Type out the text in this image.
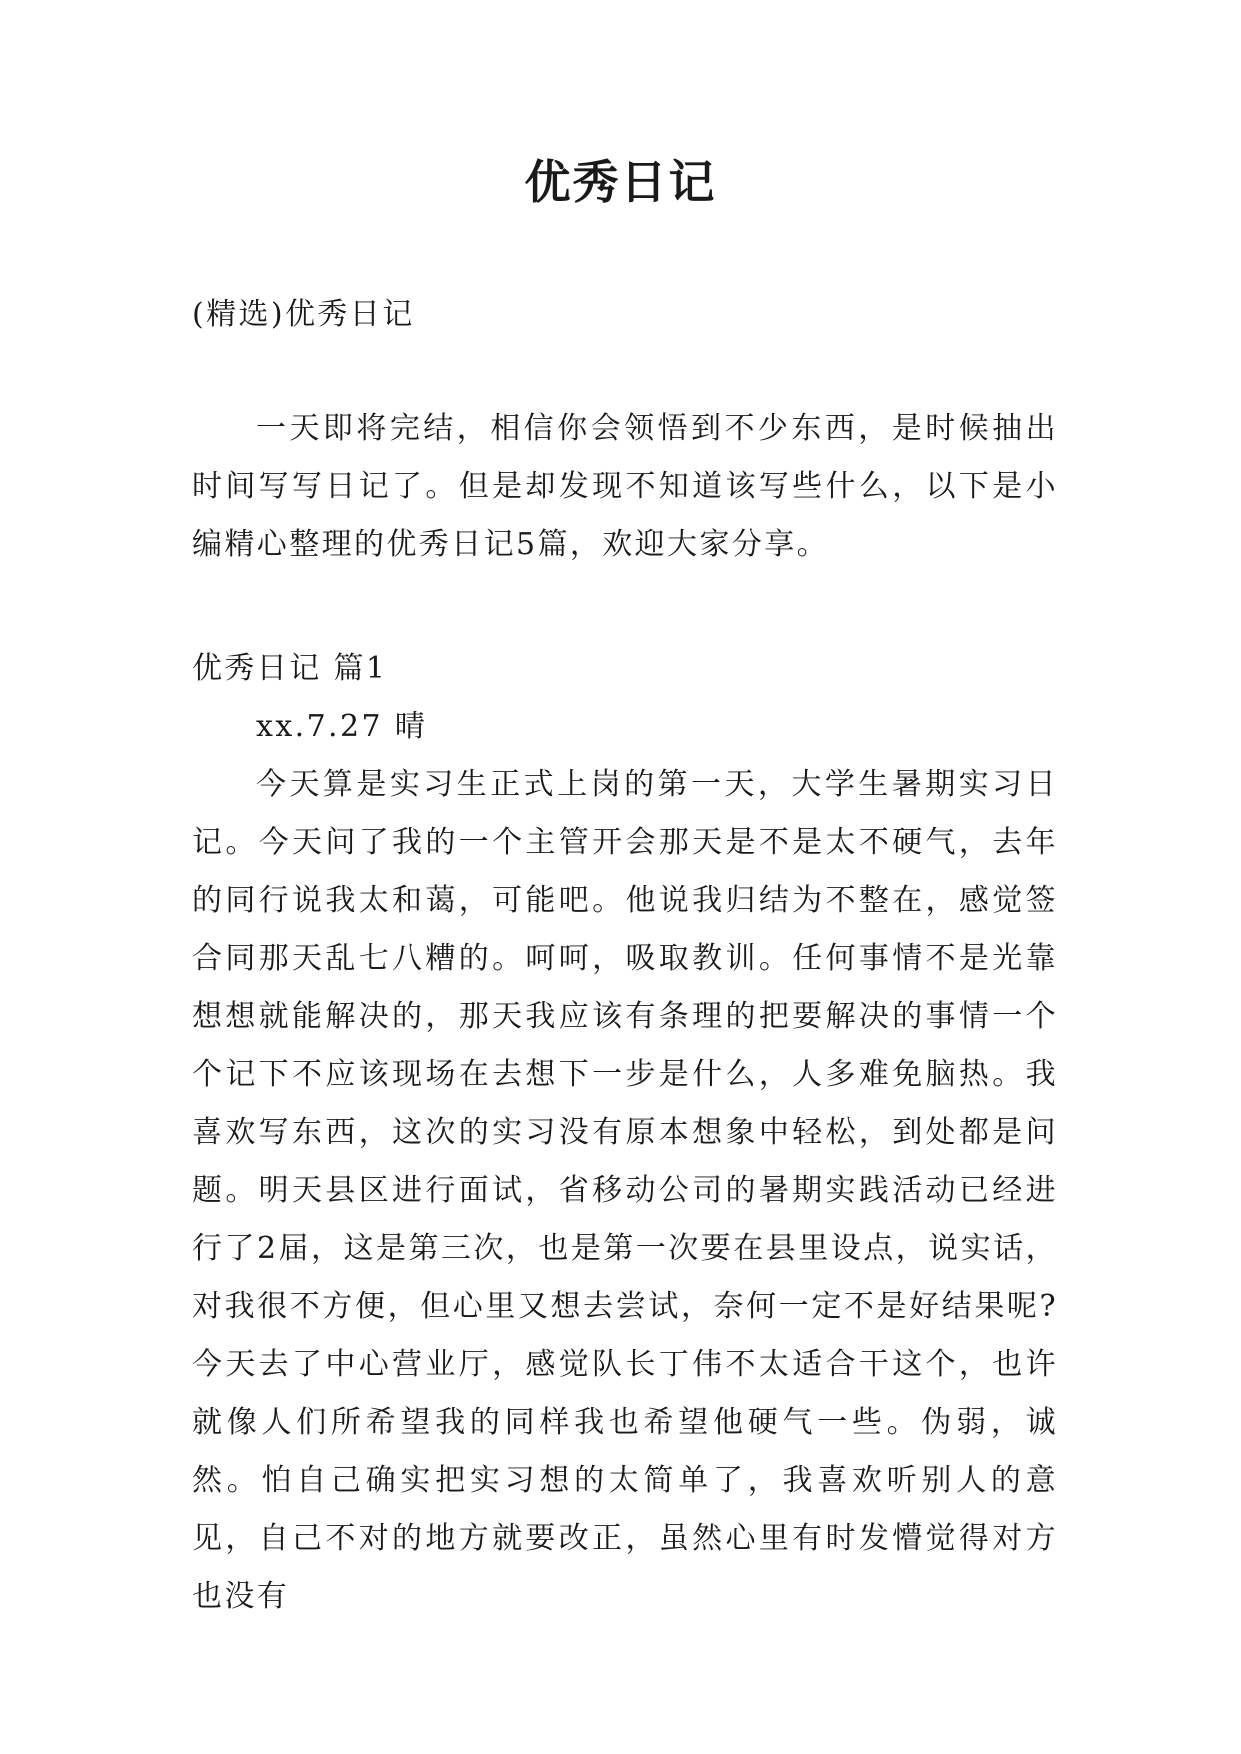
优秀日记

(精选)优秀日记

一天即将完结，相信你会领悟到不少东西，是时候抽出时间写写日记了。但是却发现不知道该写些什么，以下是小编精心整理的优秀日记5篇，欢迎大家分享。

优秀日记 篇1

xx.7.27 晴

今天算是实习生正式上岗的第一天，大学生暑期实习日记。今天问了我的一个主管开会那天是不是太不硬气，去年的同行说我太和蔼，可能吧。他说我归结为不整在，感觉签合同那天乱七八糟的。呵呵，吸取教训。任何事情不是光靠想想就能解决的，那天我应该有条理的把要解决的事情一个个记下不应该现场在去想下一步是什么，人多难免脑热。我喜欢写东西，这次的实习没有原本想象中轻松，到处都是问题。明天县区进行面试，省移动公司的暑期实践活动已经进行了2届，这是第三次，也是第一次要在县里设点，说实话，对我很不方便，但心里又想去尝试，奈何一定不是好结果呢?今天去了中心营业厅，感觉队长丁伟不太适合干这个，也许就像人们所希望我的同样我也希望他硬气一些。伪弱，诚然。怕自己确实把实习想的太简单了，我喜欢听别人的意见，自己不对的地方就要改正，虽然心里有时发懵觉得对方也没有
